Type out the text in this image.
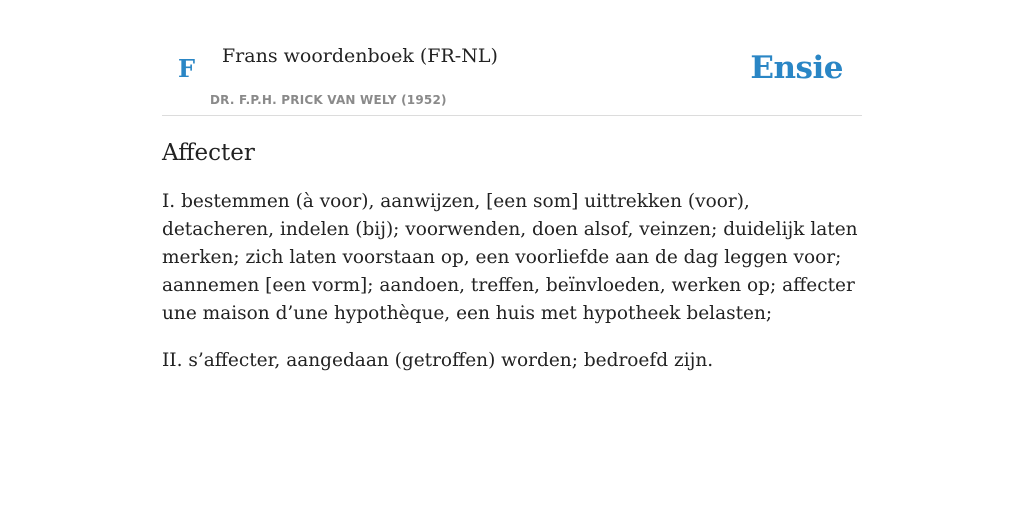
F Frans woordenboek (FR-NL)
DR. F.P.H. PRICK VAN WELY (1952)
Ensie
Affecter

I. bestemmen (à voor), aanwijzen, [een som] uittrekken (voor), detacheren, indelen (bij); voorwenden, doen alsof, veinzen; duidelijk laten merken; zich laten voorstaan op, een voorliefde aan de dag leggen voor; aannemen [een vorm]; aandoen, treffen, beïnvloeden, werken op; affecter une maison d’une hypothèque, een huis met hypotheek belasten;

II. s’affecter, aangedaan (getroffen) worden; bedroefd zijn.
